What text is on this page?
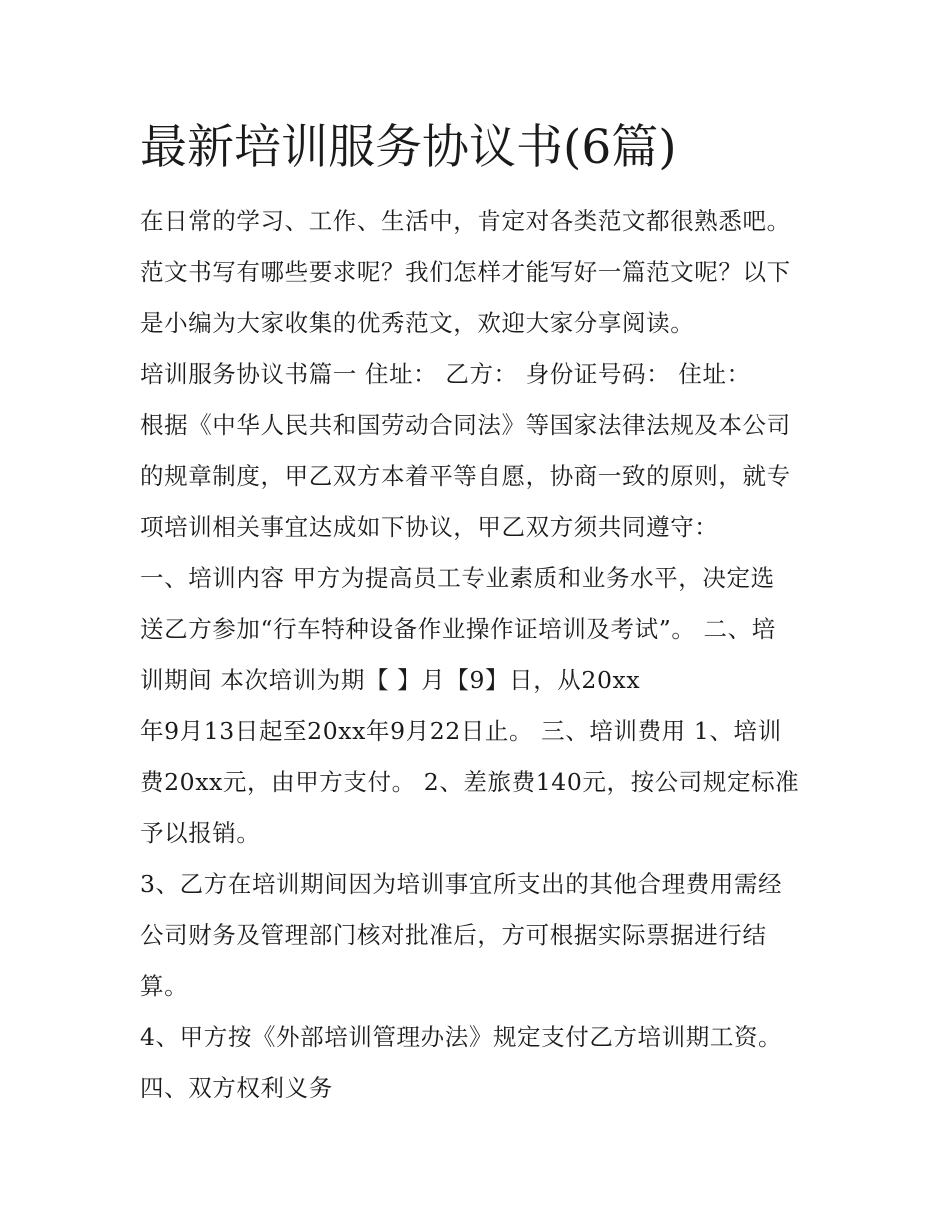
最新培训服务协议书(6篇)

在日常的学习、工作、生活中，肯定对各类范文都很熟悉吧。

范文书写有哪些要求呢？我们怎样才能写好一篇范文呢？以下

是小编为大家收集的优秀范文，欢迎大家分享阅读。

培训服务协议书篇一 住址： 乙方： 身份证号码： 住址：

根据《中华人民共和国劳动合同法》等国家法律法规及本公司

的规章制度，甲乙双方本着平等自愿，协商一致的原则，就专

项培训相关事宜达成如下协议，甲乙双方须共同遵守：

一、培训内容 甲方为提高员工专业素质和业务水平，决定选

送乙方参加“行车特种设备作业操作证培训及考试”。 二、培

训期间 本次培训为期【 】月【9】日，从20xx

年9月13日起至20xx年9月22日止。 三、培训费用 1、培训

费20xx元，由甲方支付。 2、差旅费140元，按公司规定标准

予以报销。

3、乙方在培训期间因为培训事宜所支出的其他合理费用需经

公司财务及管理部门核对批准后，方可根据实际票据进行结

算。

4、甲方按《外部培训管理办法》规定支付乙方培训期工资。

四、双方权利义务
